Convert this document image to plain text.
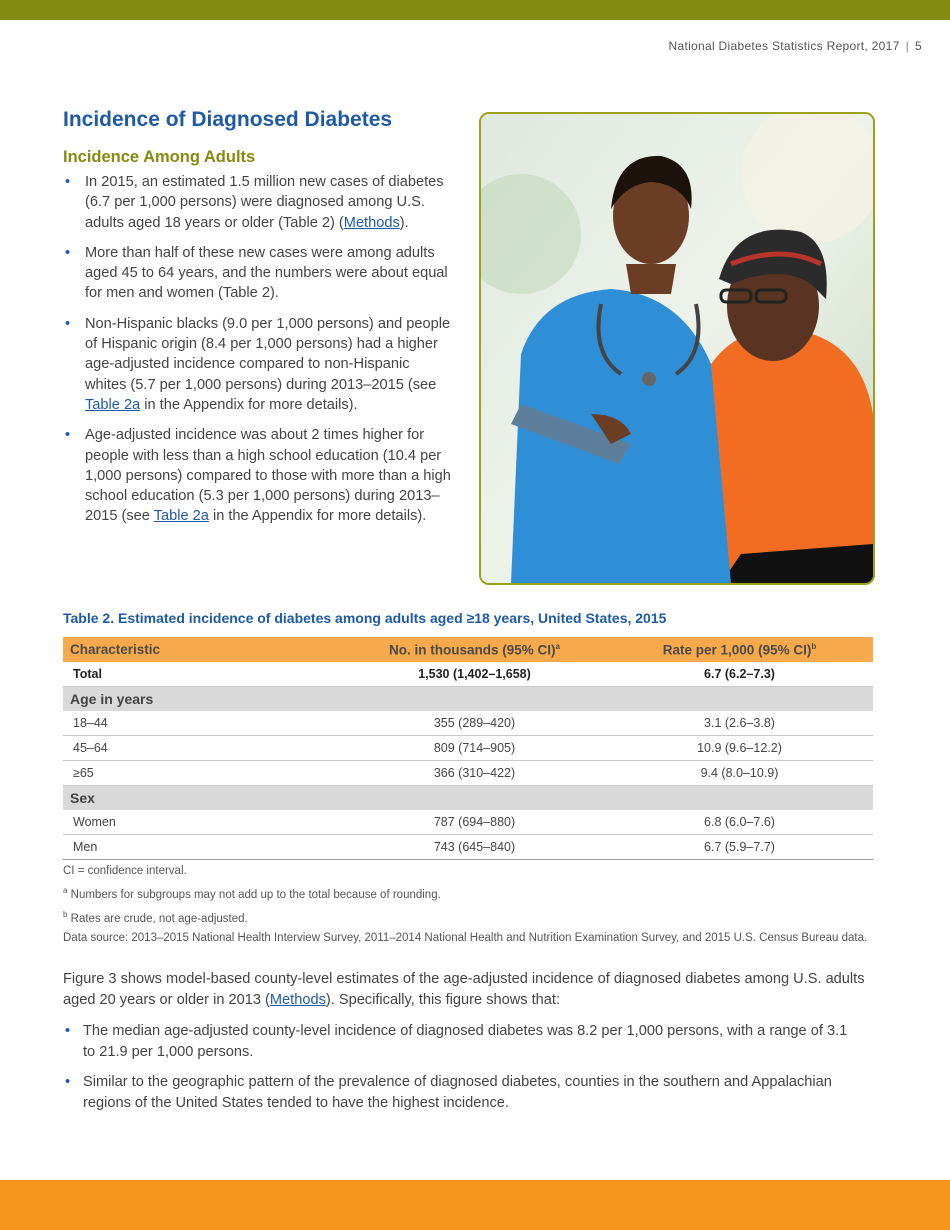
National Diabetes Statistics Report, 2017 | 5
Incidence of Diagnosed Diabetes
Incidence Among Adults
• In 2015, an estimated 1.5 million new cases of diabetes (6.7 per 1,000 persons) were diagnosed among U.S. adults aged 18 years or older (Table 2) (Methods).
• More than half of these new cases were among adults aged 45 to 64 years, and the numbers were about equal for men and women (Table 2).
• Non-Hispanic blacks (9.0 per 1,000 persons) and people of Hispanic origin (8.4 per 1,000 persons) had a higher age-adjusted incidence compared to non-Hispanic whites (5.7 per 1,000 persons) during 2013–2015 (see Table 2a in the Appendix for more details).
• Age-adjusted incidence was about 2 times higher for people with less than a high school education (10.4 per 1,000 persons) compared to those with more than a high school education (5.3 per 1,000 persons) during 2013–2015 (see Table 2a in the Appendix for more details).
Table 2. Estimated incidence of diabetes among adults aged ≥18 years, United States, 2015
Characteristic	No. in thousands (95% CI)$^a$	Rate per 1,000 (95% CI)$^b$
Total	1,530 (1,402–1,658)	6.7 (6.2–7.3)
Age in years		
18–44	355 (289–420)	3.1 (2.6–3.8)
45–64	809 (714–905)	10.9 (9.6–12.2)
≥65	366 (310–422)	9.4 (8.0–10.9)
Sex		
Women	787 (694–880)	6.8 (6.0–7.6)
Men	743 (645–840)	6.7 (5.9–7.7)

CI = confidence interval.

$^a$ Numbers for subgroups may not add up to the total because of rounding.

$^b$ Rates are crude, not age-adjusted.

Data source: 2013–2015 National Health Interview Survey, 2011–2014 National Health and Nutrition Examination Survey, and 2015 U.S. Census Bureau data.

Figure 3 shows model-based county-level estimates of the age-adjusted incidence of diagnosed diabetes among U.S. adults aged 20 years or older in 2013 (Methods). Specifically, this figure shows that:

• The median age-adjusted county-level incidence of diagnosed diabetes was 8.2 per 1,000 persons, with a range of 3.1 to 21.9 per 1,000 persons.
• Similar to the geographic pattern of the prevalence of diagnosed diabetes, counties in the southern and Appalachian regions of the United States tended to have the highest incidence.
